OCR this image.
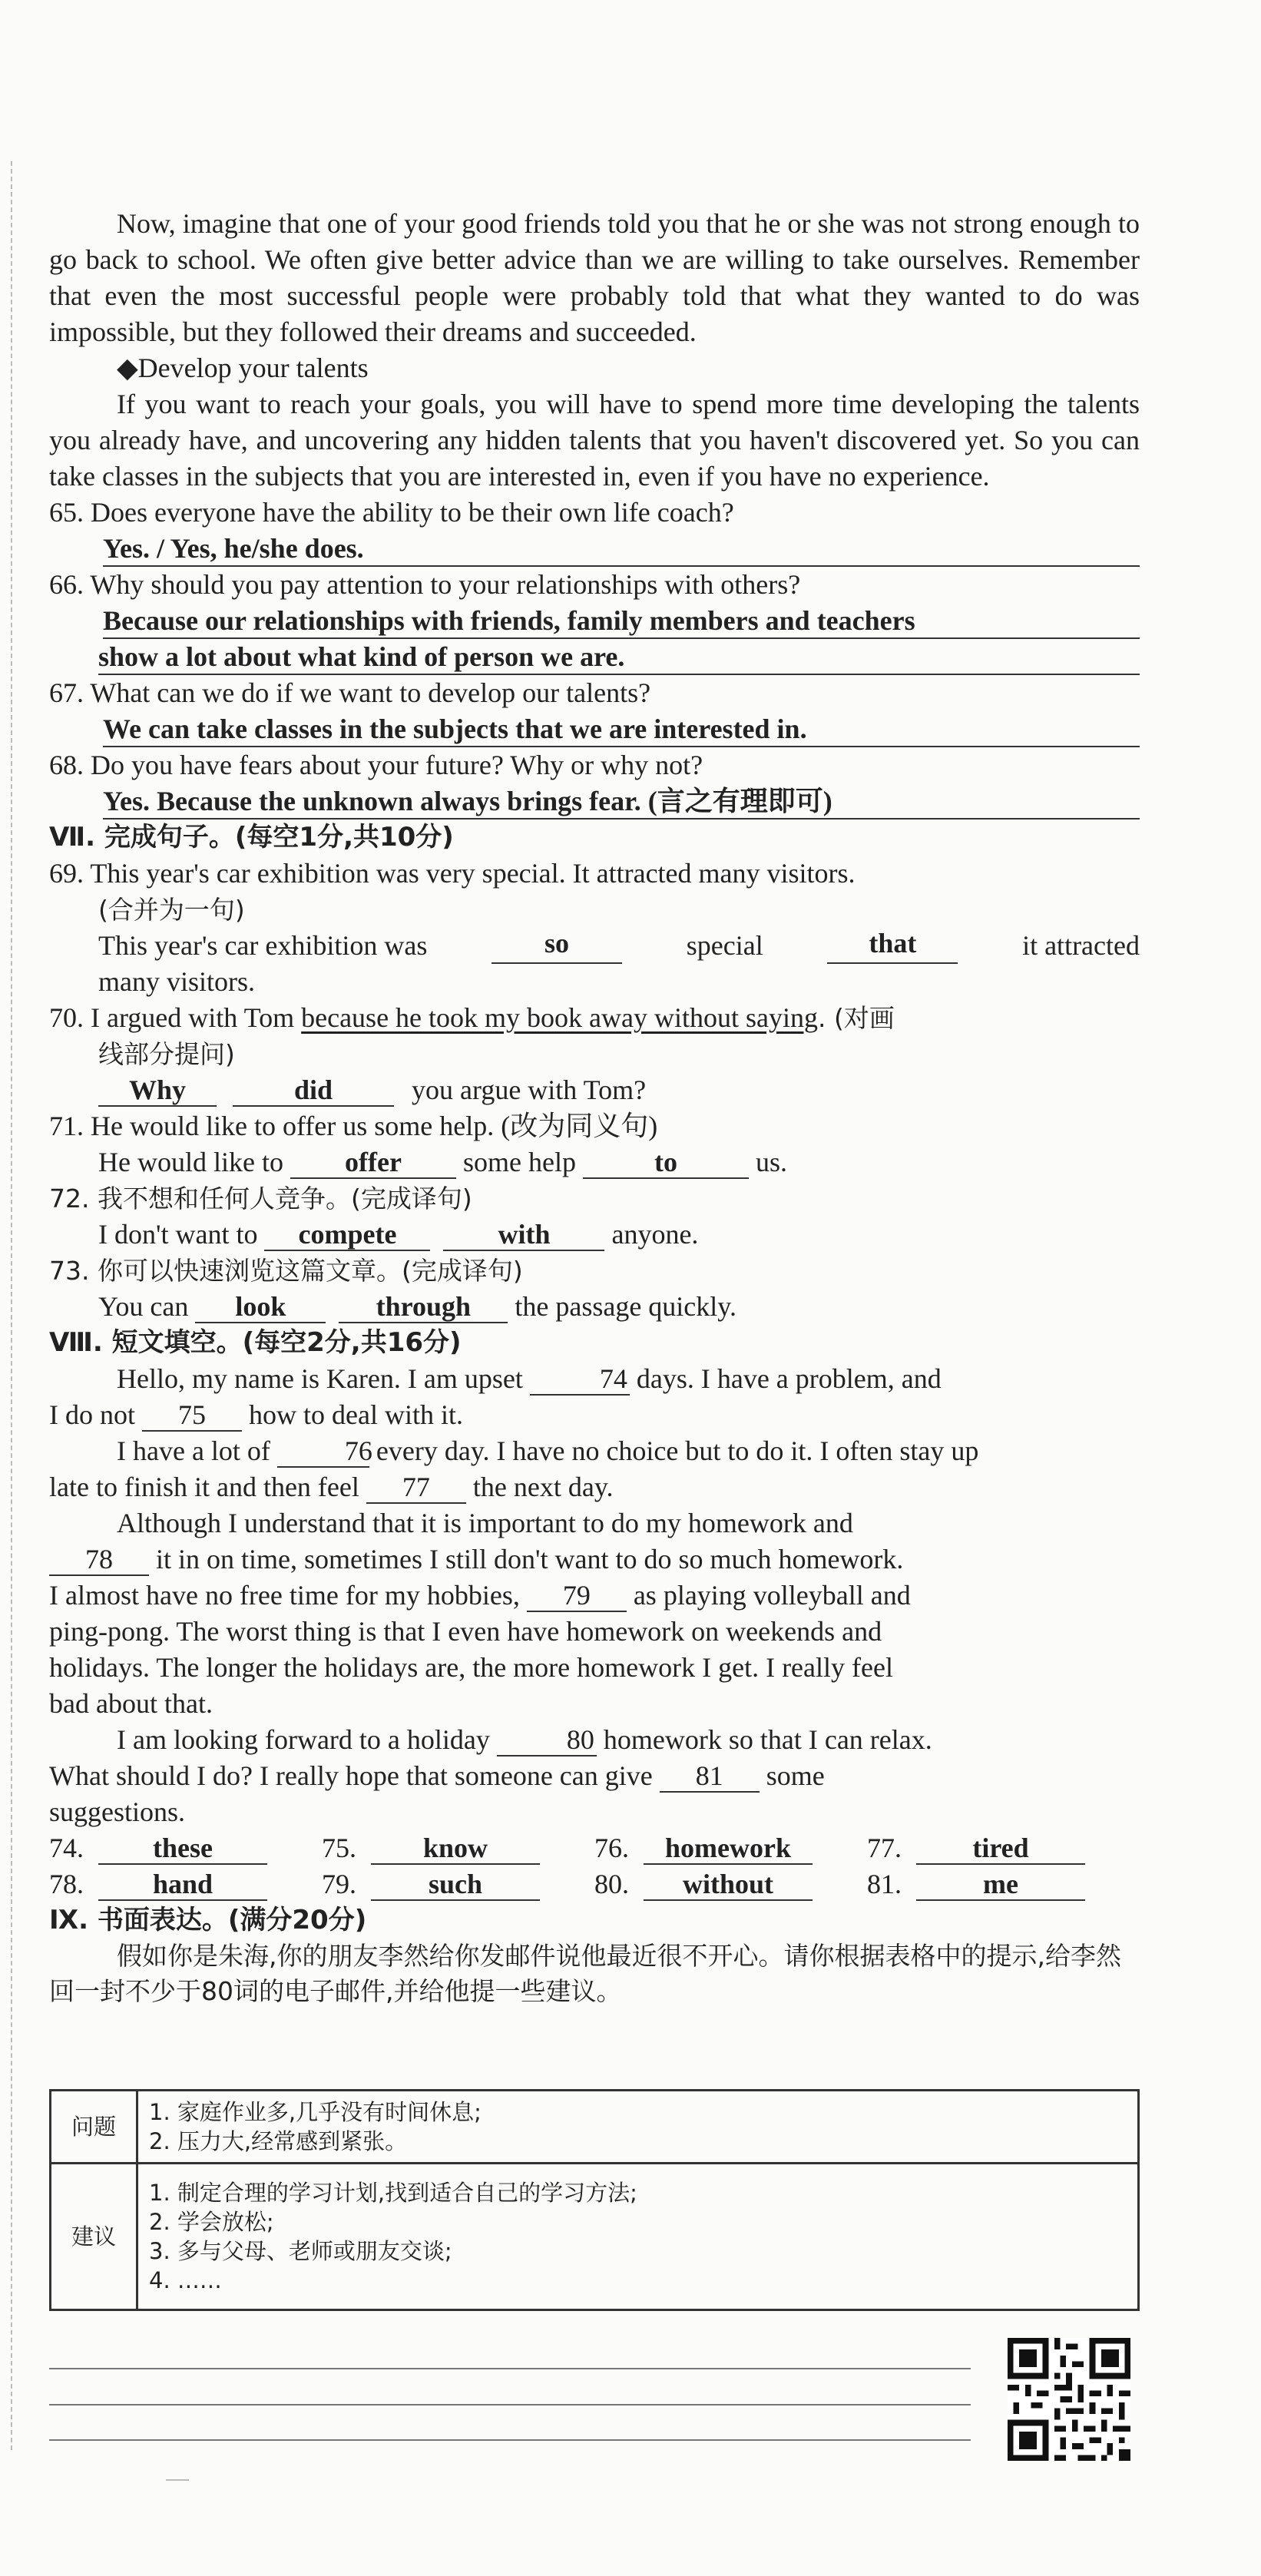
Now, imagine that one of your good friends told you that he or she was not strong enough to go back to school. We often give better advice than we are willing to take ourselves. Remember that even the most successful people were probably told that what they wanted to do was impossible, but they followed their dreams and succeeded.

◆Develop your talents

If you want to reach your goals, you will have to spend more time developing the talents you already have, and uncovering any hidden talents that you haven't discovered yet. So you can take classes in the subjects that you are interested in, even if you have no experience.

65. Does everyone have the ability to be their own life coach?
Yes. / Yes, he/she does.
66. Why should you pay attention to your relationships with others?
Because our relationships with friends, family members and teachers
show a lot about what kind of person we are.
67. What can we do if we want to develop our talents?
We can take classes in the subjects that we are interested in.
68. Do you have fears about your future? Why or why not?
Yes. Because the unknown always brings fear. (言之有理即可)

Ⅶ. 完成句子。(每空1分,共10分)

69. This year's car exhibition was very special. It attracted many visitors.

(合并为一句)

This year's car exhibition was	so	special	that	it attracted

many visitors.

70. I argued with Tom because he took my book away without saying. (对画

线部分提问)

Why	did	you argue with Tom?

71. He would like to offer us some help. (改为同义句)

He would like to offer some help	to	us.

72. 我不想和任何人竞争。(完成译句)

I don't want to compete	with anyone.

73. 你可以快速浏览这篇文章。(完成译句)

You can look	through the passage quickly.

Ⅷ. 短文填空。(每空2分,共16分)

Hello, my name is Karen. I am upset	74 days. I have a problem, and

I do not 75 how to deal with it.

I have a lot of	76 every day. I have no choice but to do it. I often stay up

late to finish it and then feel 77 the next day.

Although I understand that it is important to do my homework and

78 it in on time, sometimes I still don't want to do so much homework.

I almost have no free time for my hobbies, 79 as playing volleyball and

ping-pong. The worst thing is that I even have homework on weekends and

holidays. The longer the holidays are, the more homework I get. I really feel

bad about that.

I am looking forward to a holiday	80 homework so that I can relax.

What should I do? I really hope that someone can give 81 some

suggestions.

74.	these	75.	know	76.	homework	77.	tired
78.	hand	79.	such	80.	without	81.	me

Ⅸ. 书面表达。(满分20分)

假如你是朱海,你的朋友李然给你发邮件说他最近很不开心。请你根据表格中的提示,给李然回一封不少于80词的电子邮件,并给他提一些建议。

问题	1. 家庭作业多,几乎没有时间休息;
2. 压力大,经常感到紧张。

建议	1. 制定合理的学习计划,找到适合自己的学习方法;
2. 学会放松;
3. 多与父母、老师或朋友交谈;
4. ……
